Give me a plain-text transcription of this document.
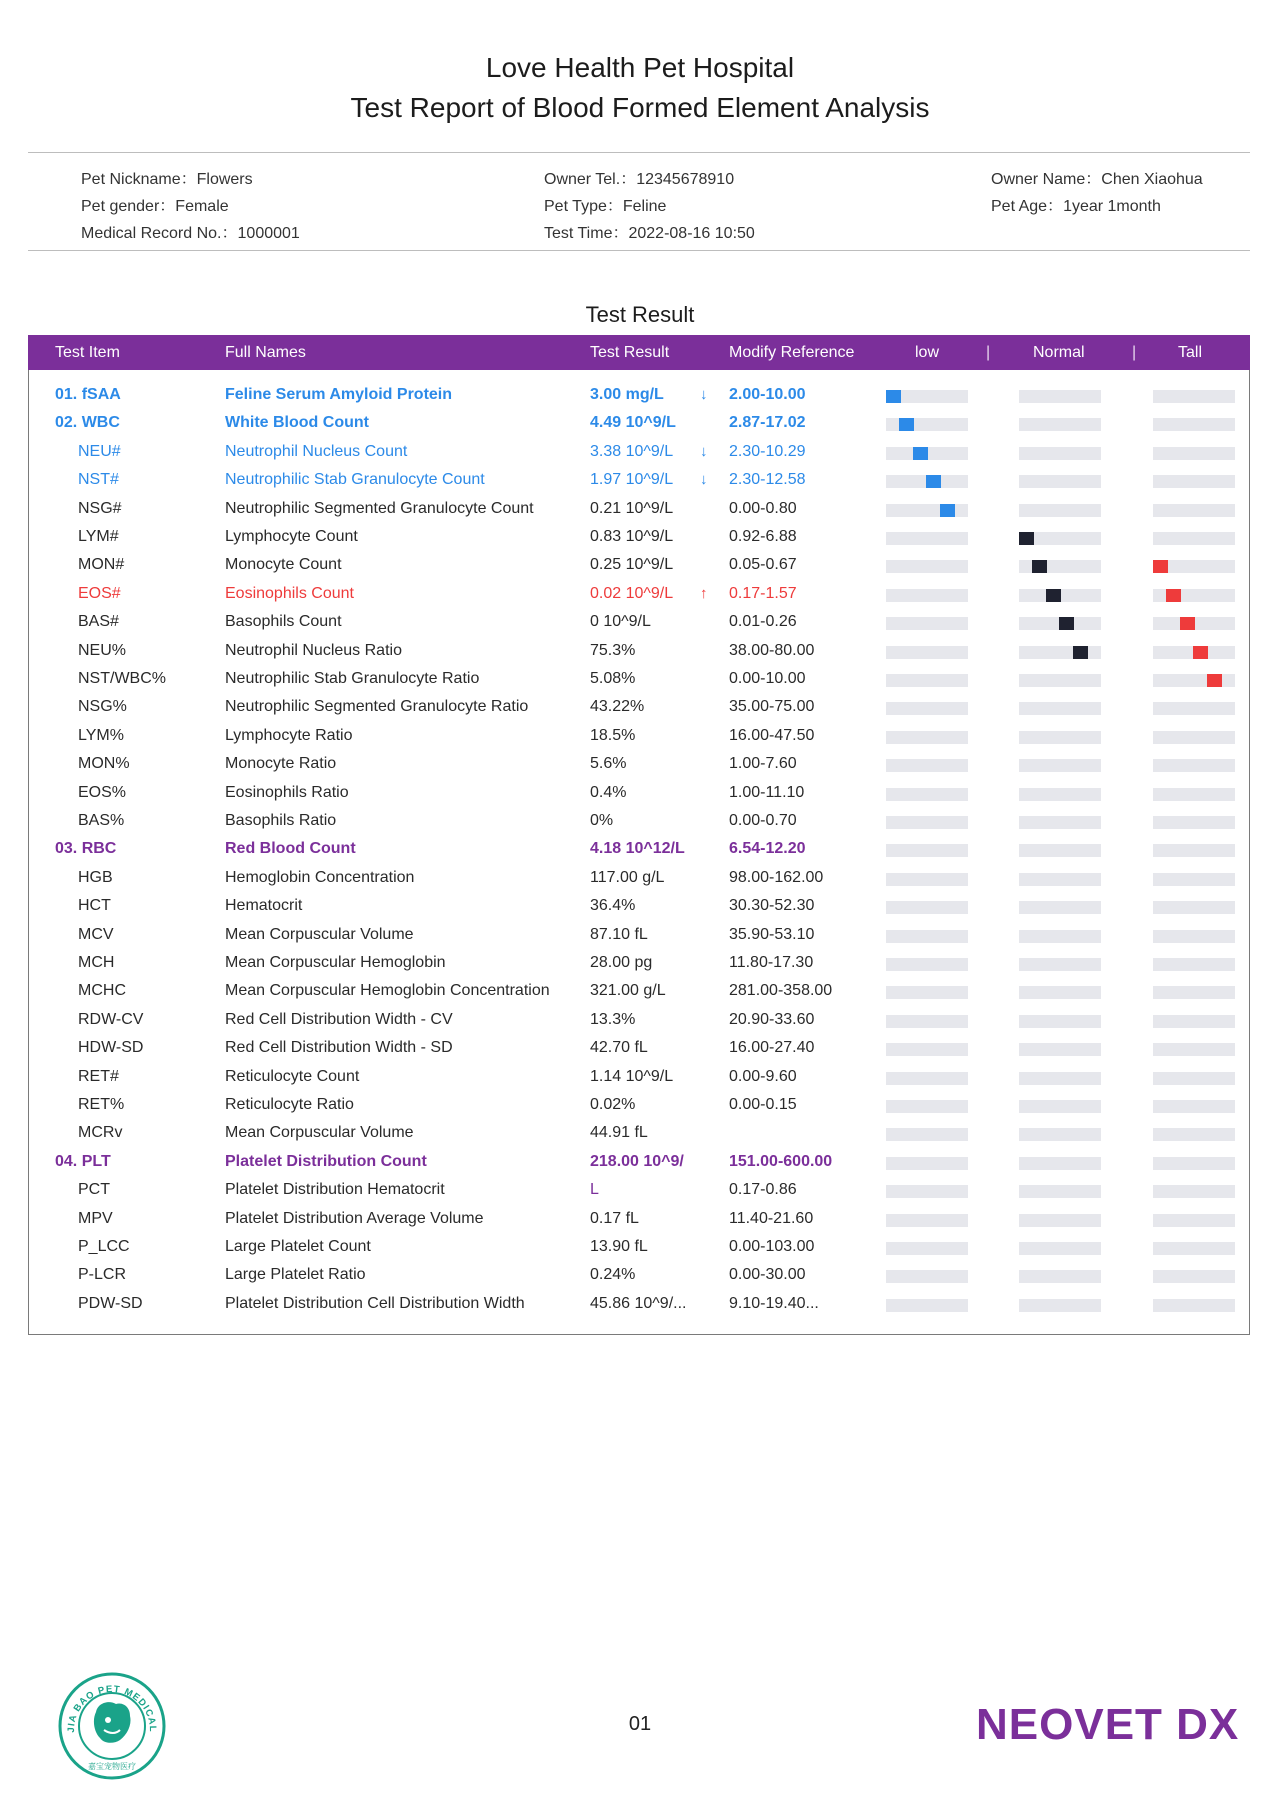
Love Health Pet Hospital
Test Report of Blood Formed Element Analysis
Pet Nickname ： Flowers
Pet gender ： Female
Medical Record No. ： 1000001
Owner Tel. ： 12345678910
Pet Type ： Feline
Test Time ： 2022-08-16 10:50
Owner Name ： Chen Xiaohua
Pet Age ： 1year 1month
Test Result
Test Item	Full Names	Test Result	Modify Reference	low	|	Normal	|	Tall
01. fSAA	Feline Serum Amyloid Protein	3.00 mg/L ↓ 2.00-10.00
02. WBC	White Blood Count	4.49 10^9/L	2.87-17.02
NEU#	Neutrophil Nucleus Count	3.38 10^9/L ↓ 2.30-10.29
NST#	Neutrophilic Stab Granulocyte Count	1.97 10^9/L ↓ 2.30-12.58
NSG#	Neutrophilic Segmented Granulocyte Count	0.21 10^9/L	0.00-0.80
LYM#	Lymphocyte Count	0.83 10^9/L	0.92-6.88
MON#	Monocyte Count	0.25 10^9/L	0.05-0.67
EOS#	Eosinophils Count	0.02 10^9/L ↑ 0.17-1.57
BAS#	Basophils Count	0 10^9/L	0.01-0.26
NEU%	Neutrophil Nucleus Ratio	75.3%	38.00-80.00
NST/WBC%	Neutrophilic Stab Granulocyte Ratio	5.08%	0.00-10.00
NSG%	Neutrophilic Segmented Granulocyte Ratio	43.22%	35.00-75.00
LYM%	Lymphocyte Ratio	18.5%	16.00-47.50
MON%	Monocyte Ratio	5.6%	1.00-7.60
EOS%	Eosinophils Ratio	0.4%	1.00-11.10
BAS%	Basophils Ratio	0%	0.00-0.70
03. RBC	Red Blood Count	4.18 10^12/L	6.54-12.20
HGB	Hemoglobin Concentration	117.00 g/L	98.00-162.00
HCT	Hematocrit	36.4%	30.30-52.30
MCV	Mean Corpuscular Volume	87.10 fL	35.90-53.10
MCH	Mean Corpuscular Hemoglobin	28.00 pg	11.80-17.30
MCHC	Mean Corpuscular Hemoglobin Concentration	321.00 g/L	281.00-358.00
RDW-CV	Red Cell Distribution Width - CV	13.3%	20.90-33.60
HDW-SD	Red Cell Distribution Width - SD	42.70 fL	16.00-27.40
RET#	Reticulocyte Count	1.14 10^9/L	0.00-9.60
RET%	Reticulocyte Ratio	0.02%	0.00-0.15
MCRv	Mean Corpuscular Volume	44.91 fL
04. PLT	Platelet Distribution Count	218.00 10^9/	151.00-600.00
PCT	Platelet Distribution Hematocrit	L	0.17-0.86
MPV	Platelet Distribution Average Volume	0.17 fL	11.40-21.60
P_LCC	Large Platelet Count	13.90 fL	0.00-103.00
P-LCR	Large Platelet Ratio	0.24%	0.00-30.00
PDW-SD	Platelet Distribution Cell Distribution Width	45.86 10^9/...	9.10-19.40...
JIA BAO PET MEDICAL
嘉宝宠物医疗
01	NEOVET DX
